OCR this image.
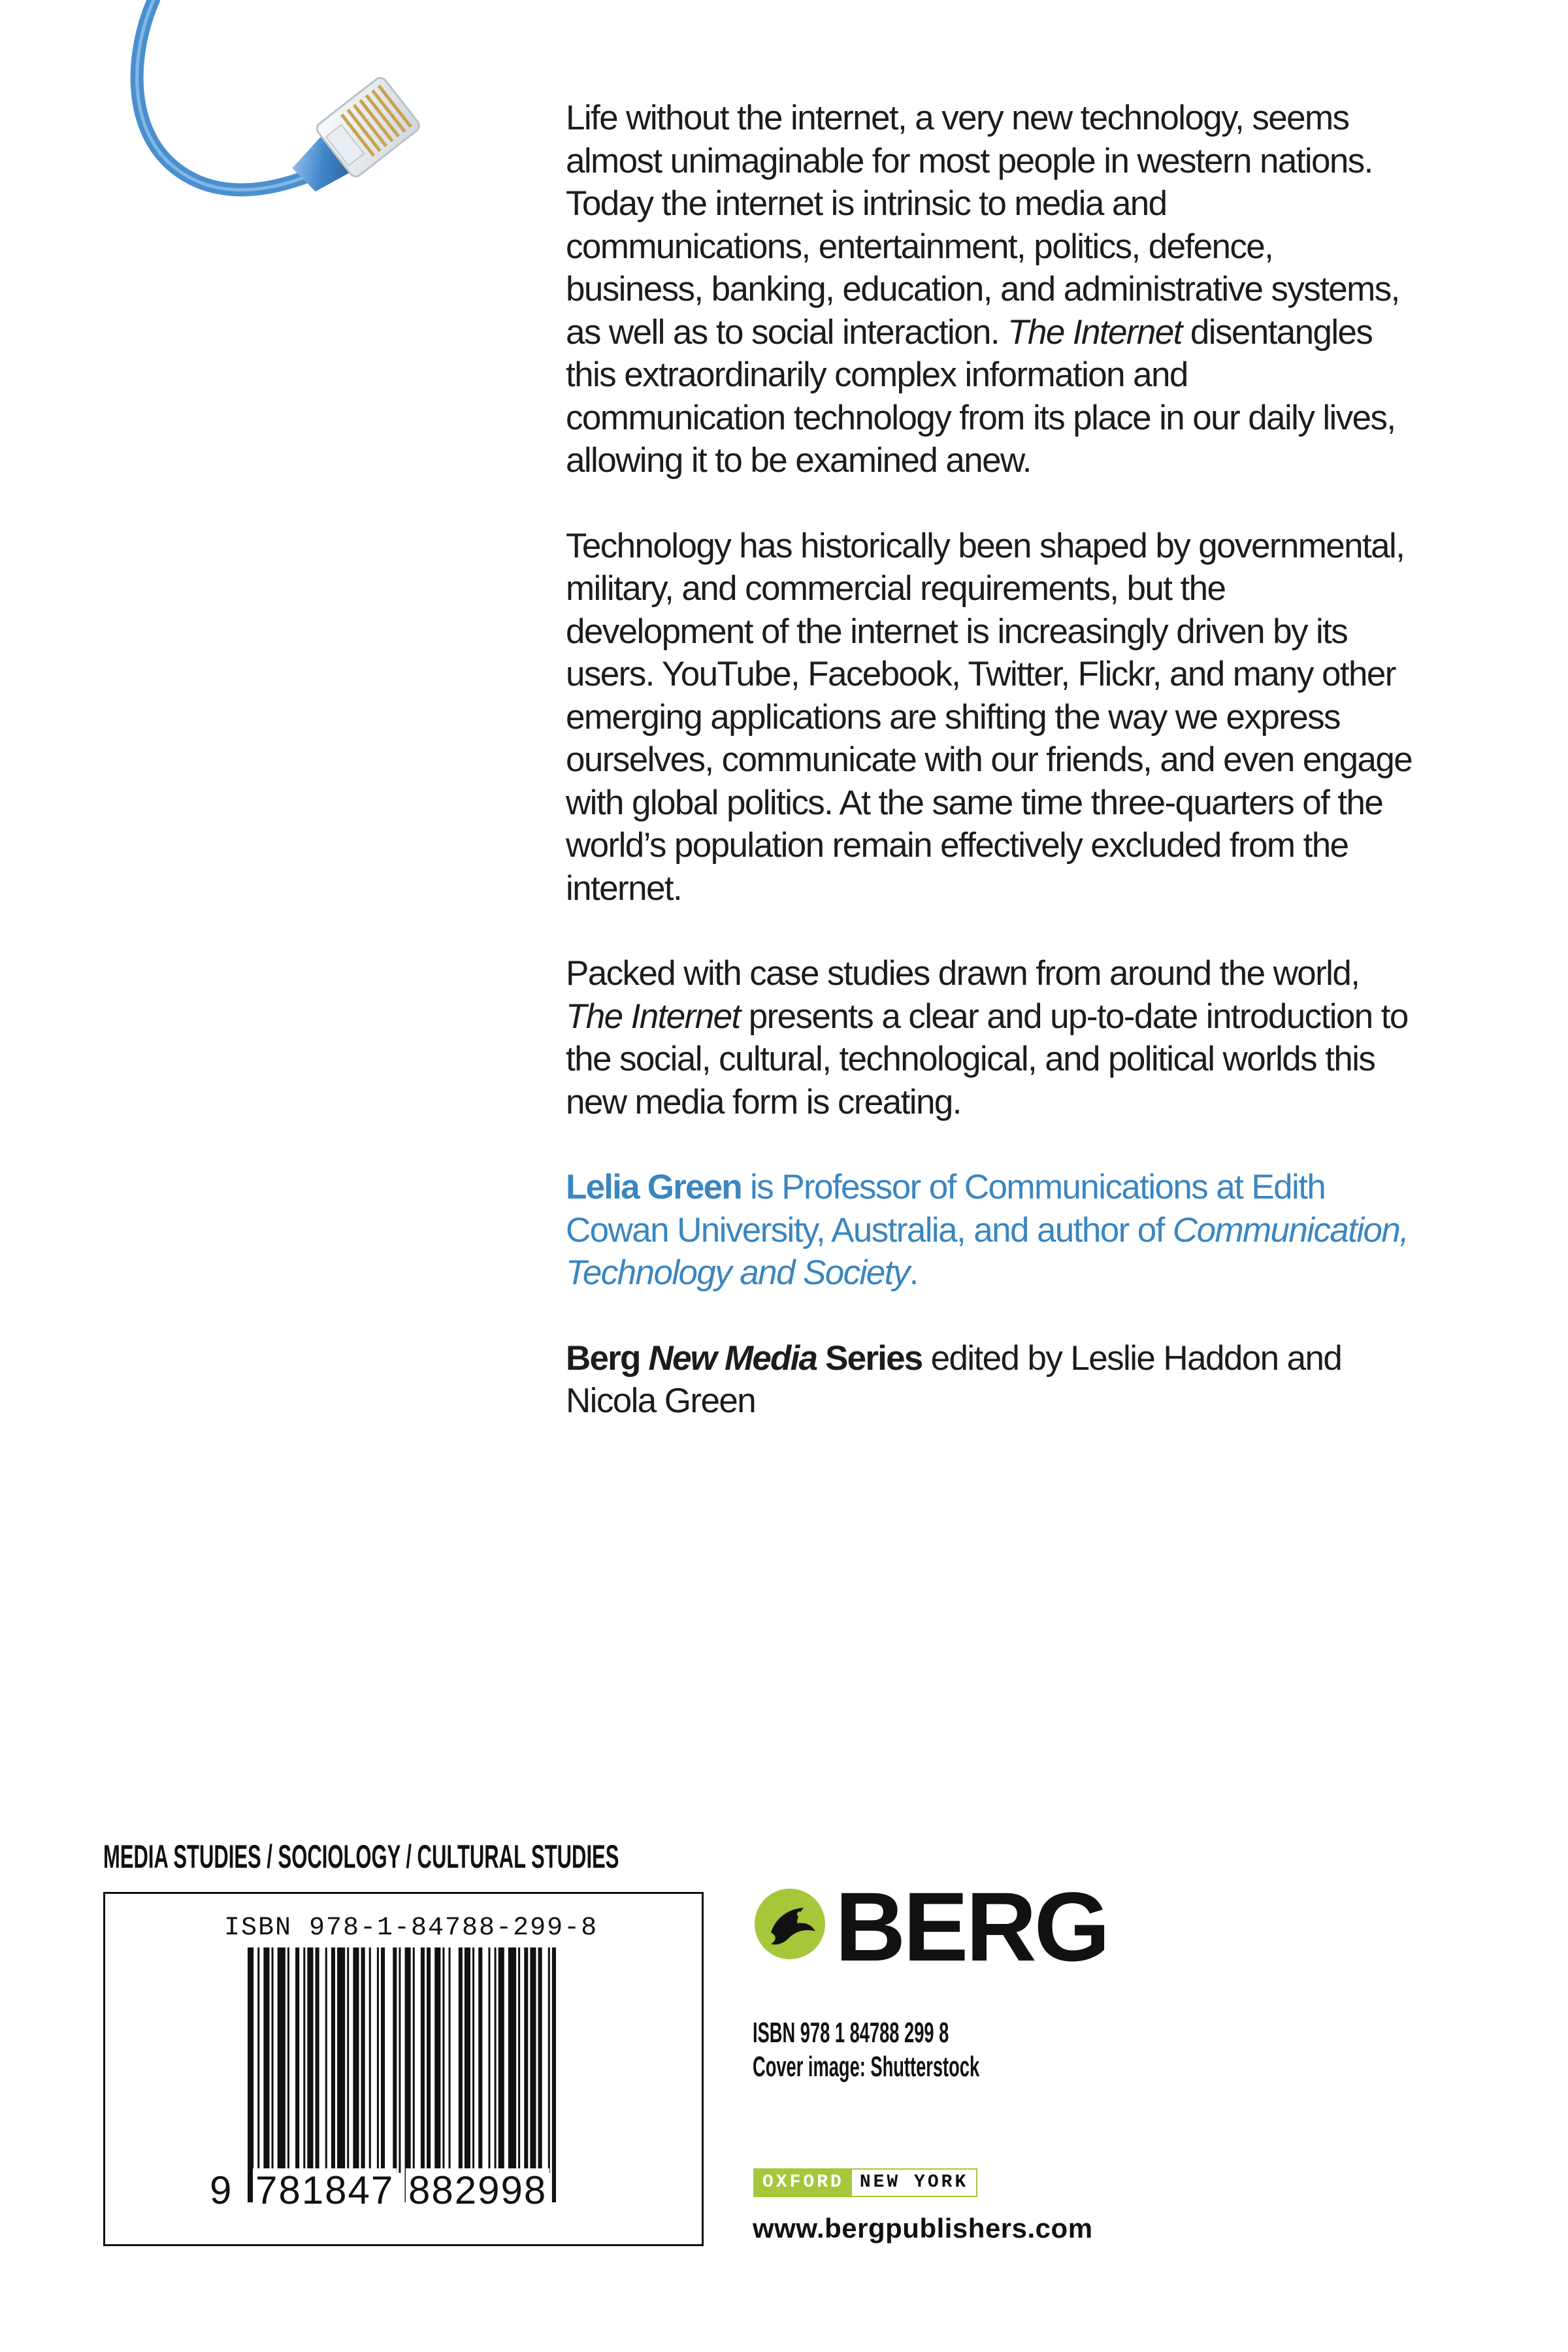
Life without the internet, a very new technology, seems almost unimaginable for most people in western nations. Today the internet is intrinsic to media and communications, entertainment, politics, defence, business, banking, education, and administrative systems, as well as to social interaction. The Internet disentangles this extraordinarily complex information and communication technology from its place in our daily lives, allowing it to be examined anew.

Technology has historically been shaped by governmental, military, and commercial requirements, but the development of the internet is increasingly driven by its users. YouTube, Facebook, Twitter, Flickr, and many other emerging applications are shifting the way we express ourselves, communicate with our friends, and even engage with global politics. At the same time three-quarters of the world’s population remain effectively excluded from the internet.

Packed with case studies drawn from around the world, The Internet presents a clear and up-to-date introduction to the social, cultural, technological, and political worlds this new media form is creating.

Lelia Green is Professor of Communications at Edith Cowan University, Australia, and author of Communication, Technology and Society.

Berg New Media Series edited by Leslie Haddon and Nicola Green

MEDIA STUDIES / SOCIOLOGY / CULTURAL STUDIES
ISBN 978-1-84788-299-8
9 781847 882998
BERG
ISBN 978 1 84788 299 8
Cover image: Shutterstock
OXFORD NEW YORK
www.bergpublishers.com
